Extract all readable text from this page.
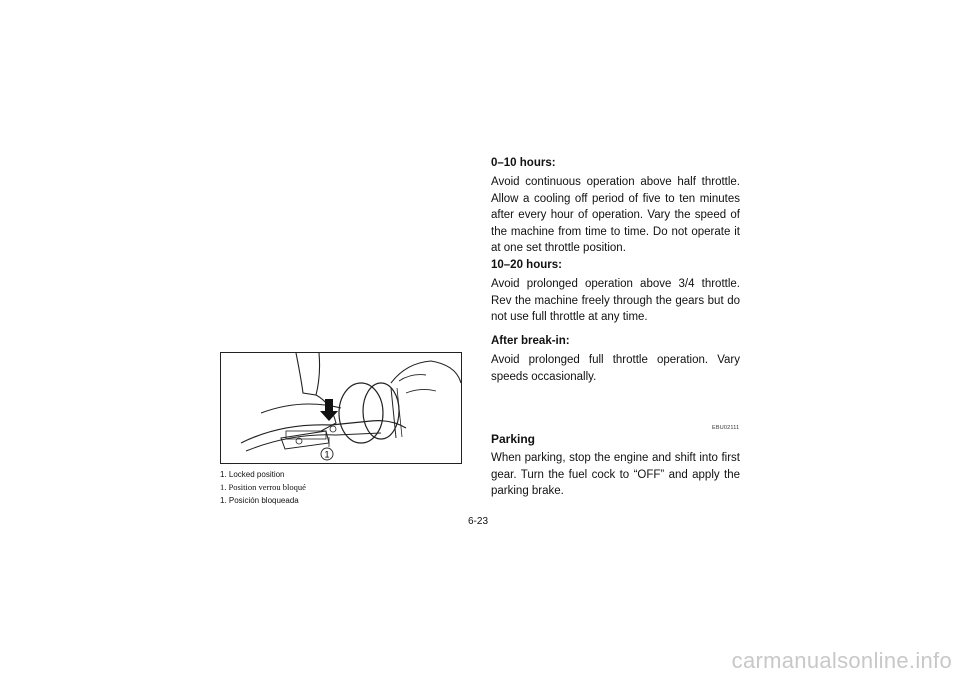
1
1. Locked position
1. Position verrou bloqué
1. Posición bloqueada

0–10 hours:

Avoid continuous operation above half throttle. Allow a cooling off period of five to ten minutes after every hour of operation. Vary the speed of the machine from time to time. Do not operate it at one set throttle position.

10–20 hours:

Avoid prolonged operation above 3/4 throttle. Rev the machine freely through the gears but do not use full throttle at any time.

After break-in:

Avoid prolonged full throttle operation. Vary speeds occasionally.

EBU02111

Parking

When parking, stop the engine and shift into first gear. Turn the fuel cock to “OFF” and apply the parking brake.

6-23
carmanualsonline.info
